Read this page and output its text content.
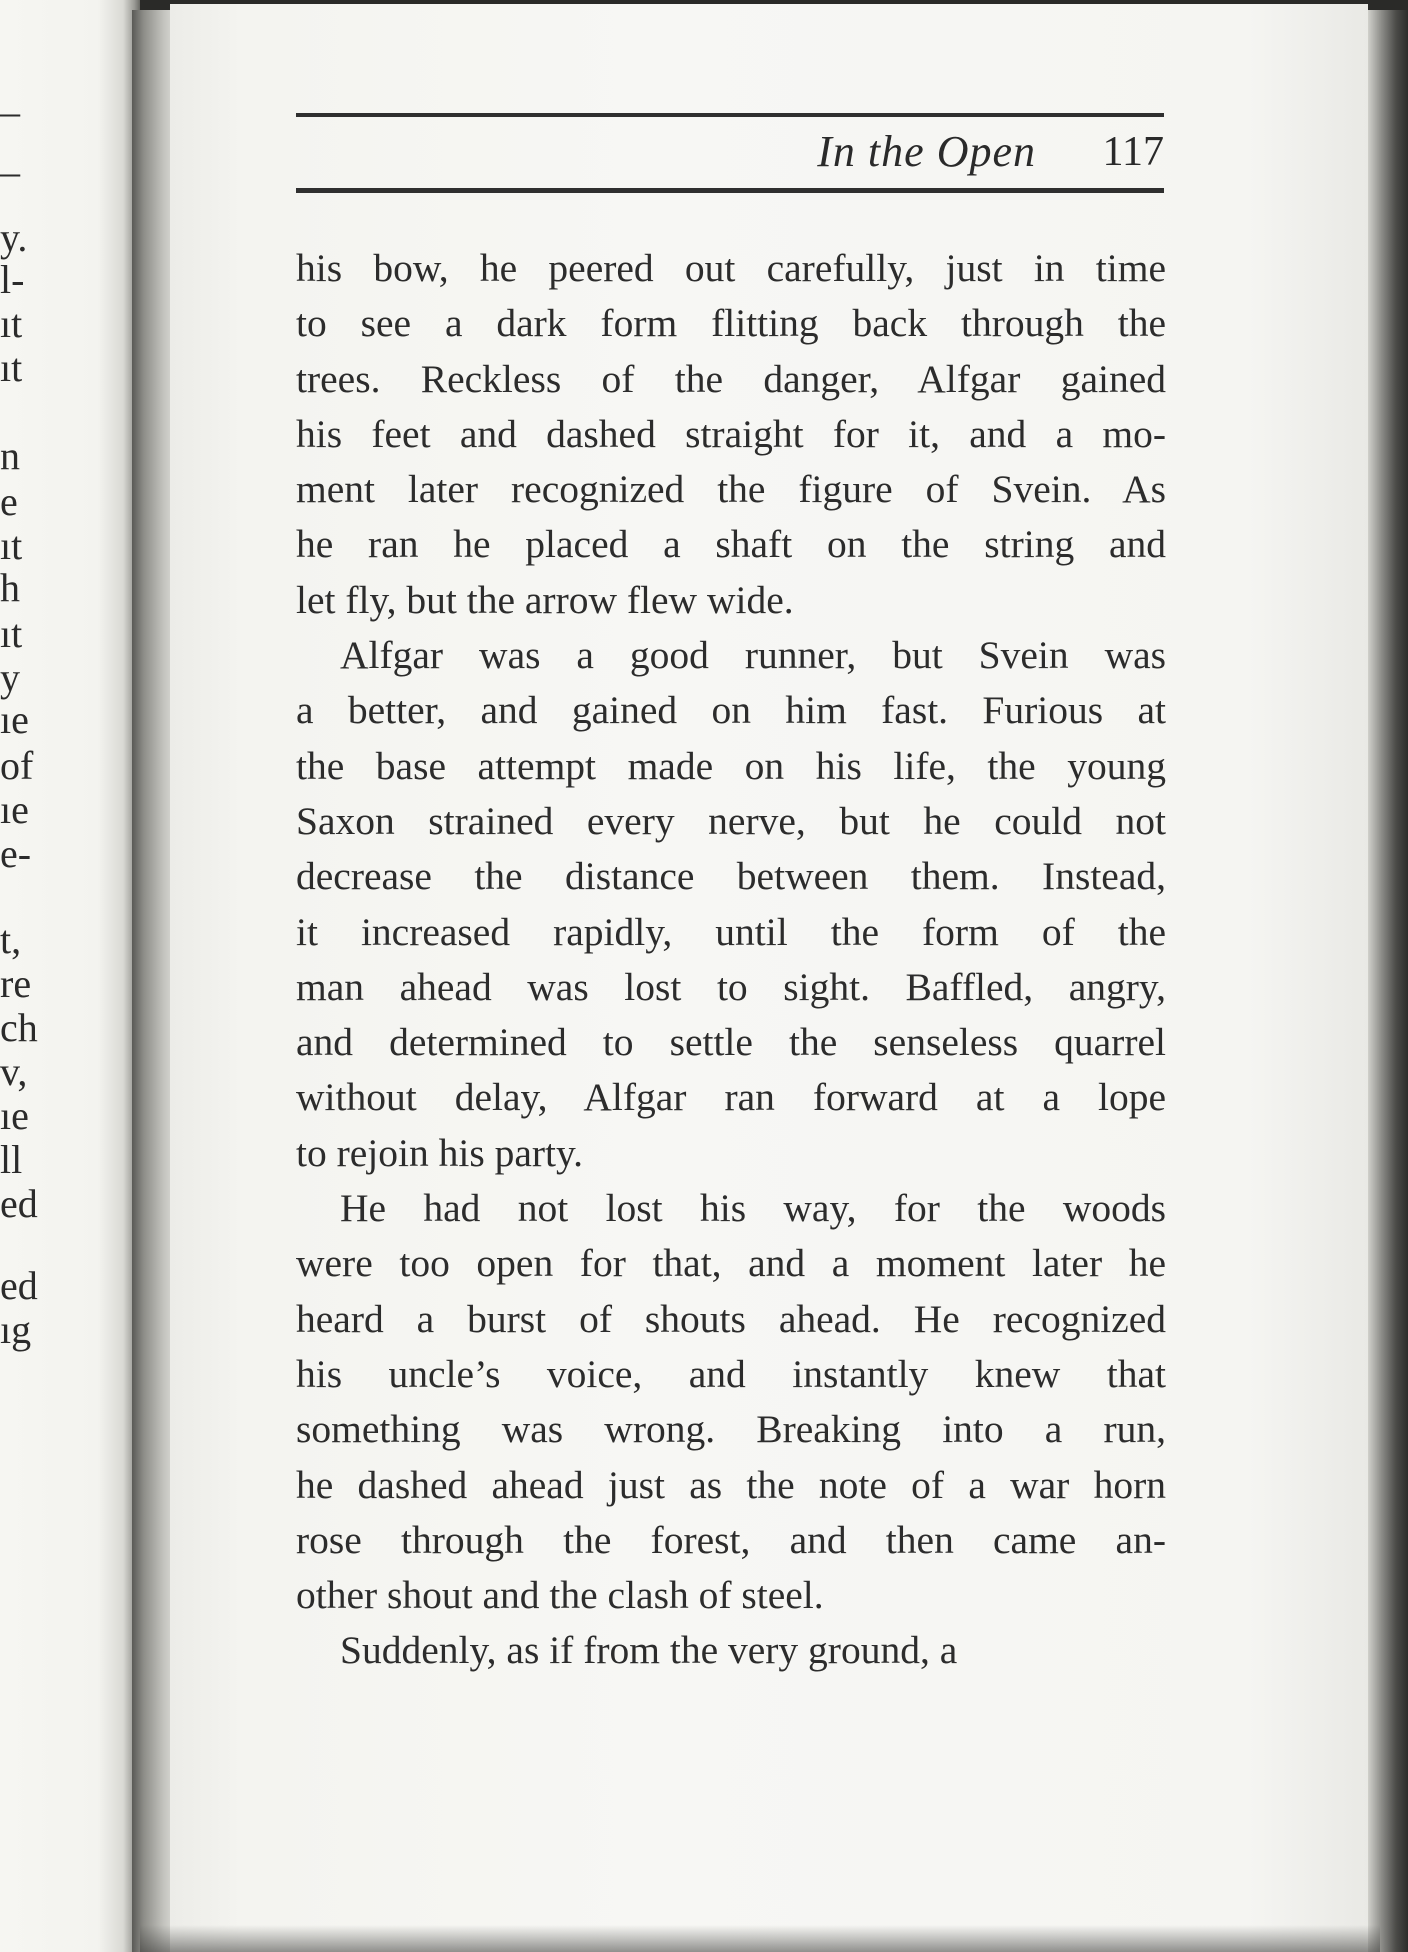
–
–
y.
l-
ıt
ıt
n
e
ıt
h
ıt
y
ıe
of
ıe
e-
t,
re
ch
v,
ıe
ll
ed
ed
ıg
In the Open	117
his bow, he peered out carefully, just in time
to see a dark form flitting back through the
trees. Reckless of the danger, Alfgar gained
his feet and dashed straight for it, and a mo-
ment later recognized the figure of Svein. As
he ran he placed a shaft on the string and
let fly, but the arrow flew wide.
Alfgar was a good runner, but Svein was
a better, and gained on him fast. Furious at
the base attempt made on his life, the young
Saxon strained every nerve, but he could not
decrease the distance between them. Instead,
it increased rapidly, until the form of the
man ahead was lost to sight. Baffled, angry,
and determined to settle the senseless quarrel
without delay, Alfgar ran forward at a lope
to rejoin his party.
He had not lost his way, for the woods
were too open for that, and a moment later he
heard a burst of shouts ahead. He recognized
his uncle’s voice, and instantly knew that
something was wrong. Breaking into a run,
he dashed ahead just as the note of a war horn
rose through the forest, and then came an-
other shout and the clash of steel.
Suddenly, as if from the very ground, a
